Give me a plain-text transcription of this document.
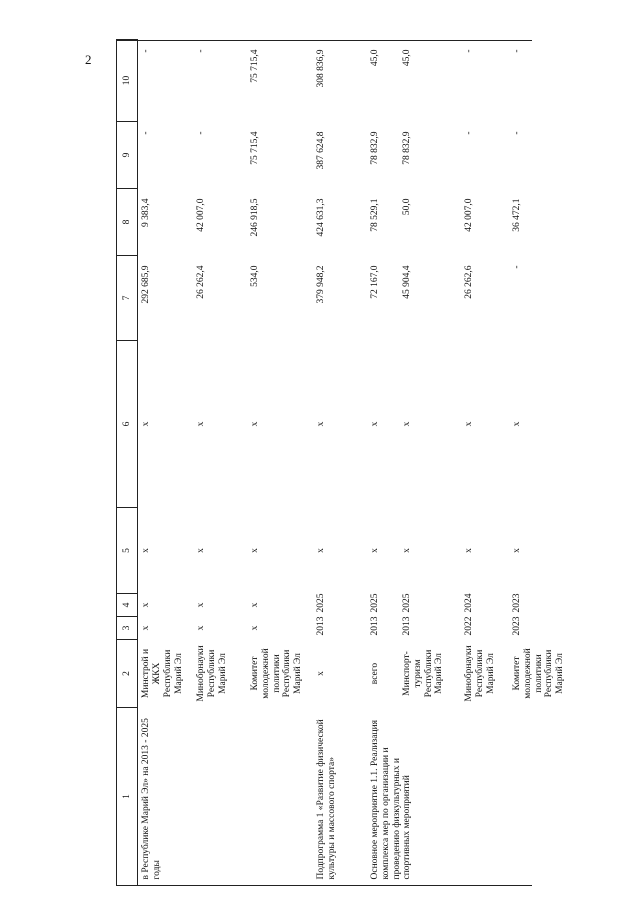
2
1	2	3	4	5	6	7	8	9	10
в Республике Марий Эл» на 2013 - 2025 годы	Минстрой и ЖКХ Республики Марий Эл	х	х	х	х	292 685,9	9 383,4	-	-
	Минобрнауки Республики Марий Эл	х	х	х	х	26 262,4	42 007,0	-	-
	Комитет молодежной политики Республики Марий Эл	х	х	х	х	534,0	246 918,5	75 715,4	75 715,4
Подпрограмма 1 «Развитие физической культуры и массового спорта»	х	2013	2025	х	х	379 948,2	424 631,3	387 624,8	308 836,9
Основное мероприятие 1.1. Реализация комплекса мер по организации и проведению физкультурных и спортивных мероприятий	всего	2013	2025	х	х	72 167,0	78 529,1	78 832,9	45,0
	Минспорт-туризм Республики Марий Эл	2013	2025	х	х	45 904,4	50,0	78 832,9	45,0
	Минобрнауки Республики Марий Эл	2022	2024	х	х	26 262,6	42 007,0	-	-
	Комитет молодежной политики Республики Марий Эл	2023	2023	х	х	-	36 472,1	-	-
